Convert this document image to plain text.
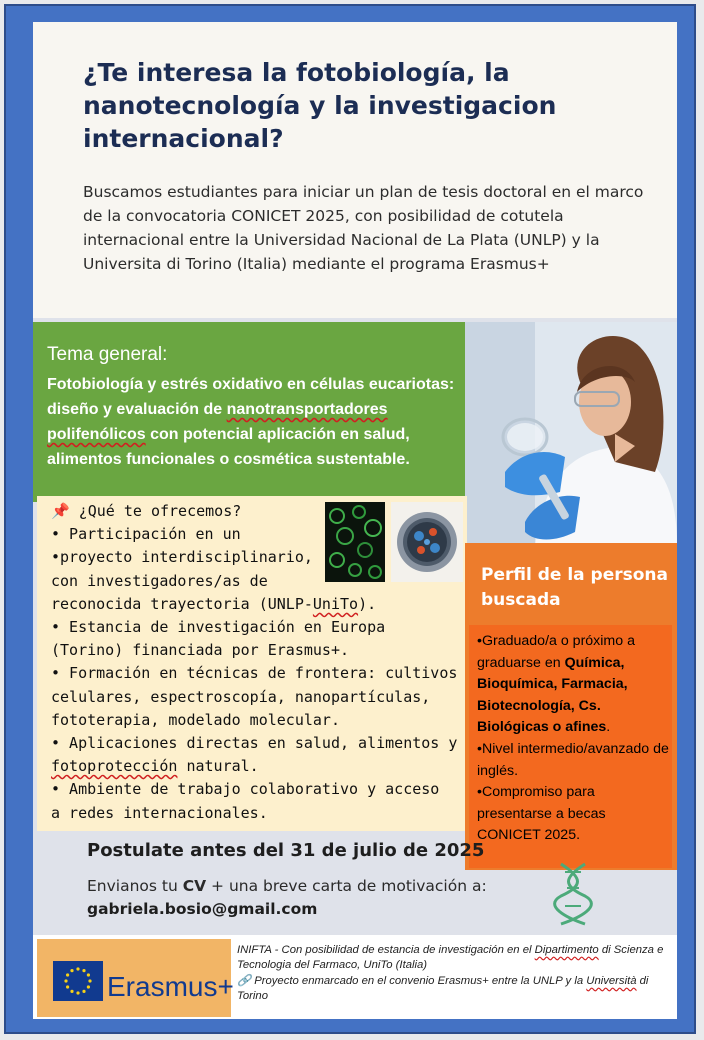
¿Te interesa la fotobiología, la nanotecnología y la investigacion internacional?
Buscamos estudiantes para iniciar un plan de tesis doctoral en el marco de la convocatoria CONICET 2025, con posibilidad de cotutela internacional entre la Universidad Nacional de La Plata (UNLP) y la Universita di Torino (Italia) mediante el programa Erasmus+
Tema general:
Fotobiología y estrés oxidativo en células eucariotas: diseño y evaluación de nanotransportadores polifenólicos con potencial aplicación en salud, alimentos funcionales o cosmética sustentable.
📌 ¿Qué te ofrecemos?
• Participación en un
•proyecto interdisciplinario,
con investigadores/as de
reconocida trayectoria (UNLP-UniTo).
• Estancia de investigación en Europa
(Torino) financiada por Erasmus+.
• Formación en técnicas de frontera: cultivos
celulares, espectroscopía, nanopartículas,
fototerapia, modelado molecular.
• Aplicaciones directas en salud, alimentos y
fotoprotección natural.
• Ambiente de trabajo colaborativo y acceso
a redes internacionales.
Perfil de la persona buscada
•Graduado/a o próximo a graduarse en Química, Bioquímica, Farmacia, Biotecnología, Cs. Biológicas o afines.
•Nivel intermedio/avanzado de inglés.
•Compromiso para presentarse a becas CONICET 2025.
Postulate antes del 31 de julio de 2025
Envianos tu CV + una breve carta de motivación a:
gabriela.bosio@gmail.com
Erasmus+
INIFTA - Con posibilidad de estancia de investigación en el Dipartimento di Scienza e Tecnologia del Farmaco, UniTo (Italia)
🔗 Proyecto enmarcado en el convenio Erasmus+ entre la UNLP y la Università di Torino
